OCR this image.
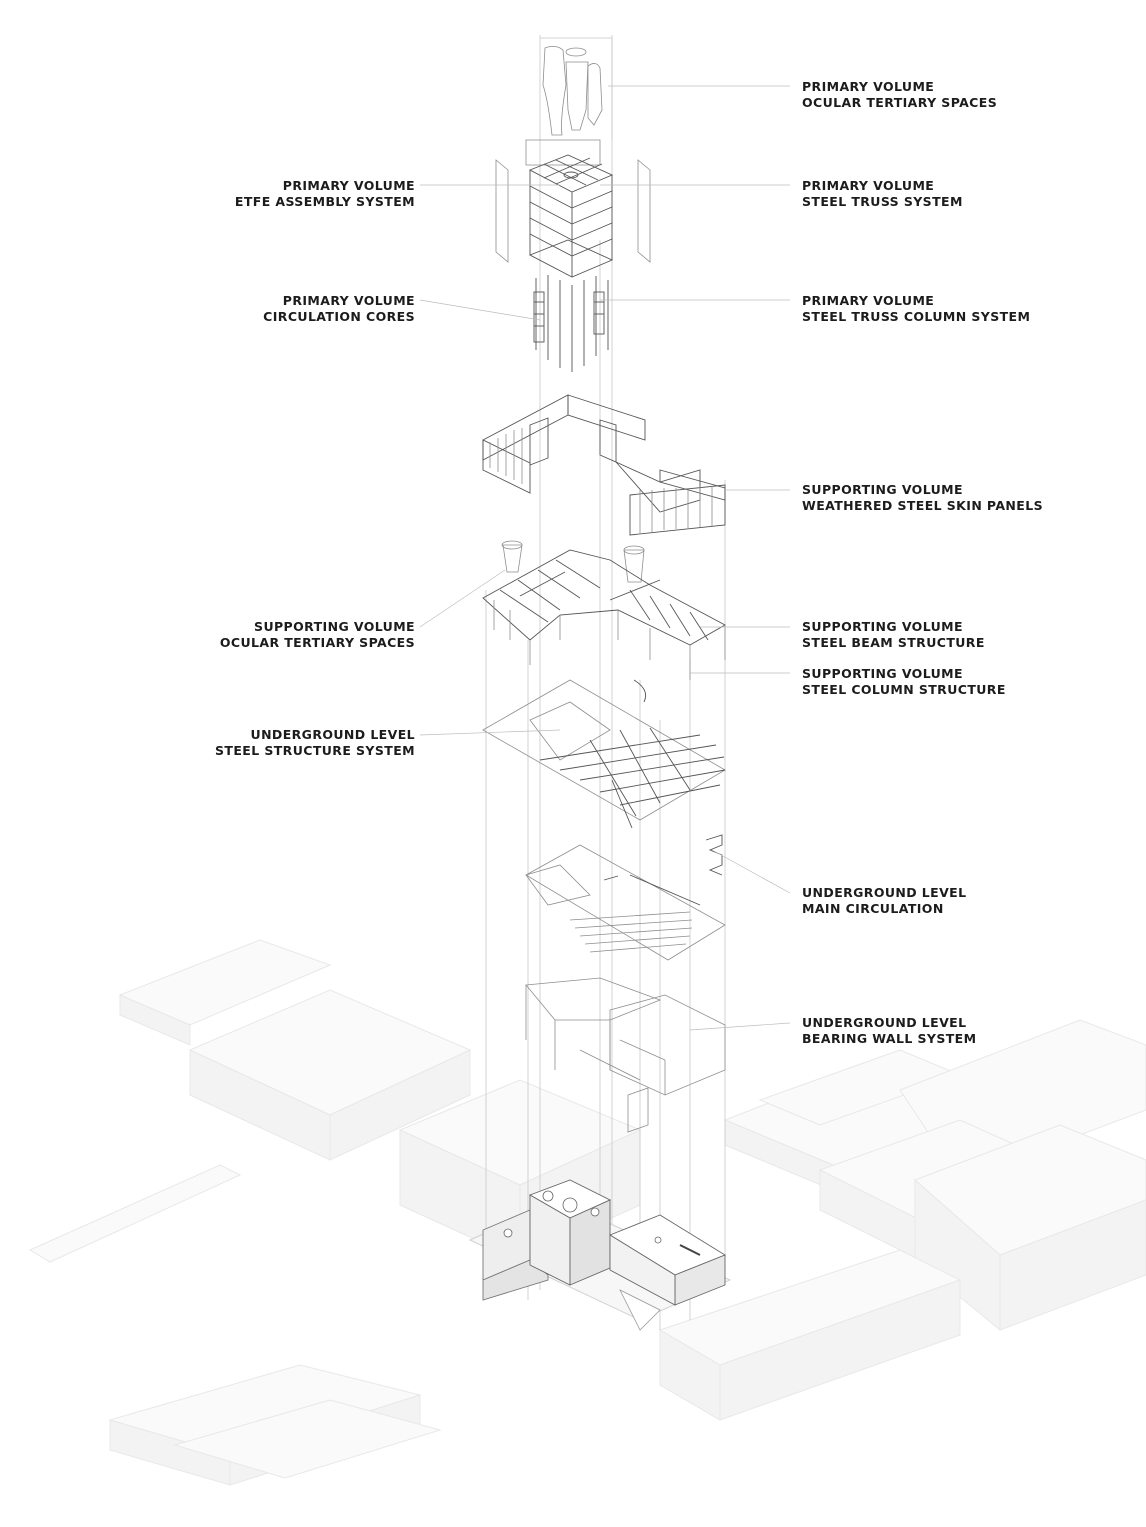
PRIMARY VOLUME
OCULAR TERTIARY SPACES
PRIMARY VOLUME
ETFE ASSEMBLY SYSTEM
PRIMARY VOLUME
STEEL TRUSS SYSTEM
PRIMARY VOLUME
CIRCULATION CORES
PRIMARY VOLUME
STEEL TRUSS COLUMN SYSTEM
SUPPORTING VOLUME
WEATHERED STEEL SKIN PANELS
SUPPORTING VOLUME
OCULAR TERTIARY SPACES
SUPPORTING VOLUME
STEEL BEAM STRUCTURE
SUPPORTING VOLUME
STEEL COLUMN STRUCTURE
UNDERGROUND LEVEL
STEEL STRUCTURE SYSTEM
UNDERGROUND LEVEL
MAIN CIRCULATION
UNDERGROUND LEVEL
BEARING WALL SYSTEM
